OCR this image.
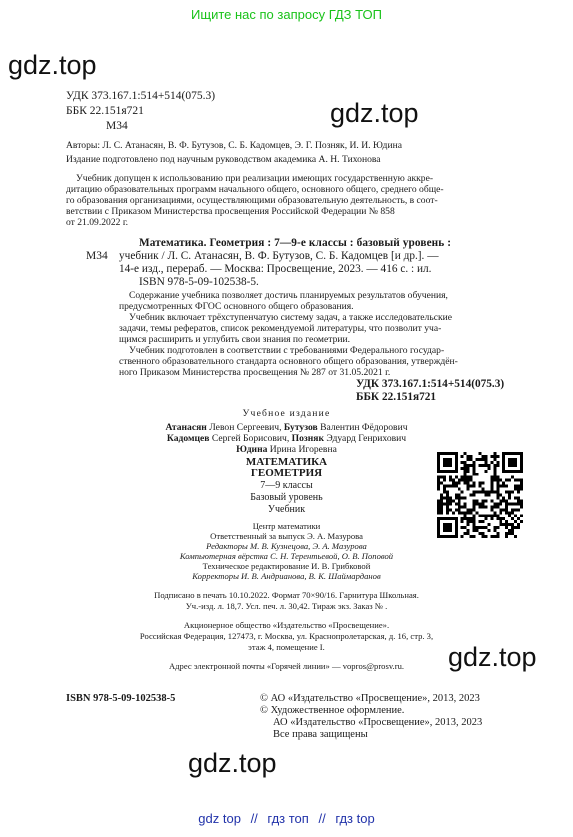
Ищите нас по запросу ГДЗ ТОП
gdz.top
gdz.top
gdz.top
gdz.top
УДК 373.167.1:514+514(075.3)
ББК 22.151я721
М34
Авторы: Л. С. Атанасян, В. Ф. Бутузов, С. Б. Кадомцев, Э. Г. Позняк, И. И. Юдина
Издание подготовлено под научным руководством академика А. Н. Тихонова
Учебник допущен к использованию при реализации имеющих государственную аккре-
дитацию образовательных программ начального общего, основного общего, среднего обще-
го образования организациями, осуществляющими образовательную деятельность, в соот-
ветствии с Приказом Министерства просвещения Российской Федерации № 858
от 21.09.2022 г.
М34
Математика. Геометрия : 7—9-е классы : базовый уровень :
учебник / Л. С. Атанасян, В. Ф. Бутузов, С. Б. Кадомцев [и др.]. —
14-е изд., перераб. — Москва: Просвещение, 2023. — 416 с. : ил.
ISBN 978-5-09-102538-5.
Содержание учебника позволяет достичь планируемых результатов обучения,
предусмотренных ФГОС основного общего образования.
Учебник включает трёхступенчатую систему задач, а также исследовательские
задачи, темы рефератов, список рекомендуемой литературы, что позволит уча-
щимся расширить и углубить свои знания по геометрии.
Учебник подготовлен в соответствии с требованиями Федерального государ-
ственного образовательного стандарта основного общего образования, утверждён-
ного Приказом Министерства просвещения № 287 от 31.05.2021 г.
УДК 373.167.1:514+514(075.3)
ББК 22.151я721
Учебное издание
Атанасян Левон Сергеевич, Бутузов Валентин Фёдорович
Кадомцев Сергей Борисович, Позняк Эдуард Генрихович
Юдина Ирина Игоревна
МАТЕМАТИКА
ГЕОМЕТРИЯ
7—9 классы
Базовый уровень
Учебник
Центр математики
Ответственный за выпуск Э. А. Мазурова
Редакторы М. В. Кузнецова, Э. А. Мазурова
Компьютерная вёрстка С. Н. Терентьевой, О. В. Поповой
Техническое редактирование И. В. Грибковой
Корректоры И. В. Андрианова, В. К. Шаймарданов
Подписано в печать 10.10.2022. Формат 70×90/16. Гарнитура Школьная.
Уч.-изд. л. 18,7. Усл. печ. л. 30,42. Тираж экз. Заказ № .
Акционерное общество «Издательство «Просвещение».
Российская Федерация, 127473, г. Москва, ул. Краснопролетарская, д. 16, стр. 3,
этаж 4, помещение I.
Адрес электронной почты «Горячей линии» — vopros@prosv.ru.
ISBN 978-5-09-102538-5	© АО «Издательство «Просвещение», 2013, 2023
© Художественное оформление.
АО «Издательство «Просвещение», 2013, 2023
Все права защищены
gdz top // гдз топ // гдз top
